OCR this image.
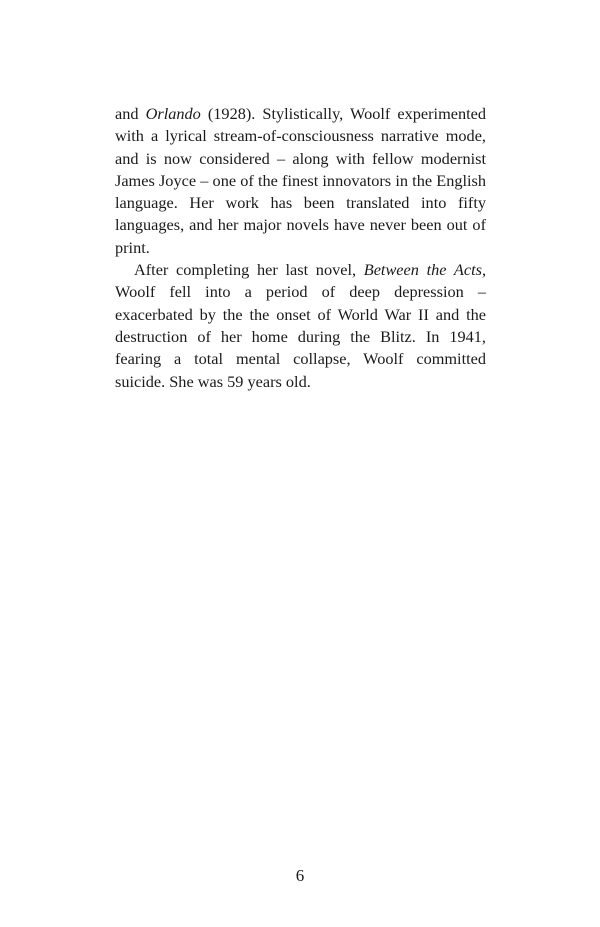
and Orlando (1928). Stylistically, Woolf experimented with a lyrical stream-of-consciousness narrative mode, and is now considered – along with fellow modernist James Joyce – one of the finest innovators in the English language. Her work has been translated into fifty languages, and her major novels have never been out of print.

After completing her last novel, Between the Acts, Woolf fell into a period of deep depression – exacerbated by the the onset of World War II and the destruction of her home during the Blitz. In 1941, fearing a total mental collapse, Woolf committed suicide. She was 59 years old.

6
